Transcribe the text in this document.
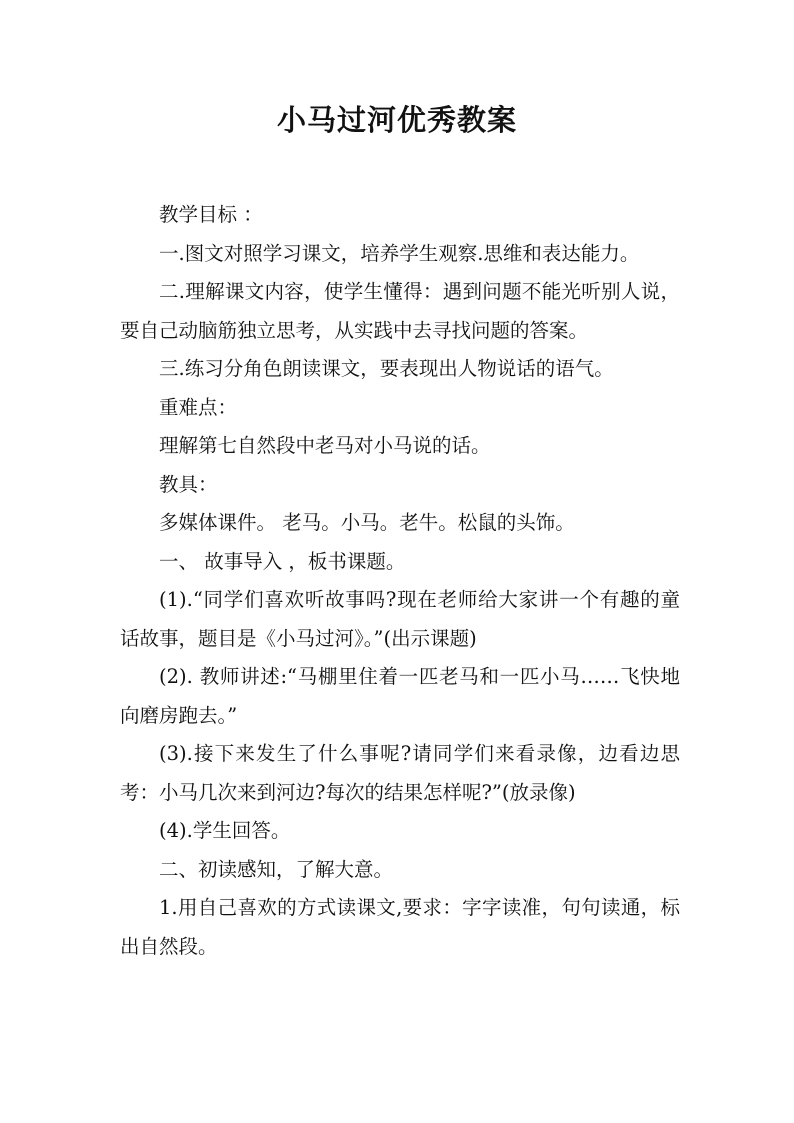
小马过河优秀教案

教学目标 ：

一.图文对照学习课文，培养学生观察.思维和表达能力。

二.理解课文内容，使学生懂得：遇到问题不能光听别人说，要自己动脑筋独立思考，从实践中去寻找问题的答案。

三.练习分角色朗读课文，要表现出人物说话的语气。

重难点：

理解第七自然段中老马对小马说的话。

教具：

多媒体课件。 老马。小马。老牛。松鼠的头饰。

一、 故事导入 ，板书课题。

(1).“同学们喜欢听故事吗?现在老师给大家讲一个有趣的童话故事，题目是《小马过河》。”(出示课题)

(2). 教师讲述:“马棚里住着一匹老马和一匹小马……飞快地向磨房跑去。”

(3).接下来发生了什么事呢?请同学们来看录像，边看边思考：小马几次来到河边?每次的结果怎样呢?”(放录像)

(4).学生回答。

二、初读感知，了解大意。

1.用自己喜欢的方式读课文,要求：字字读准，句句读通，标出自然段。
